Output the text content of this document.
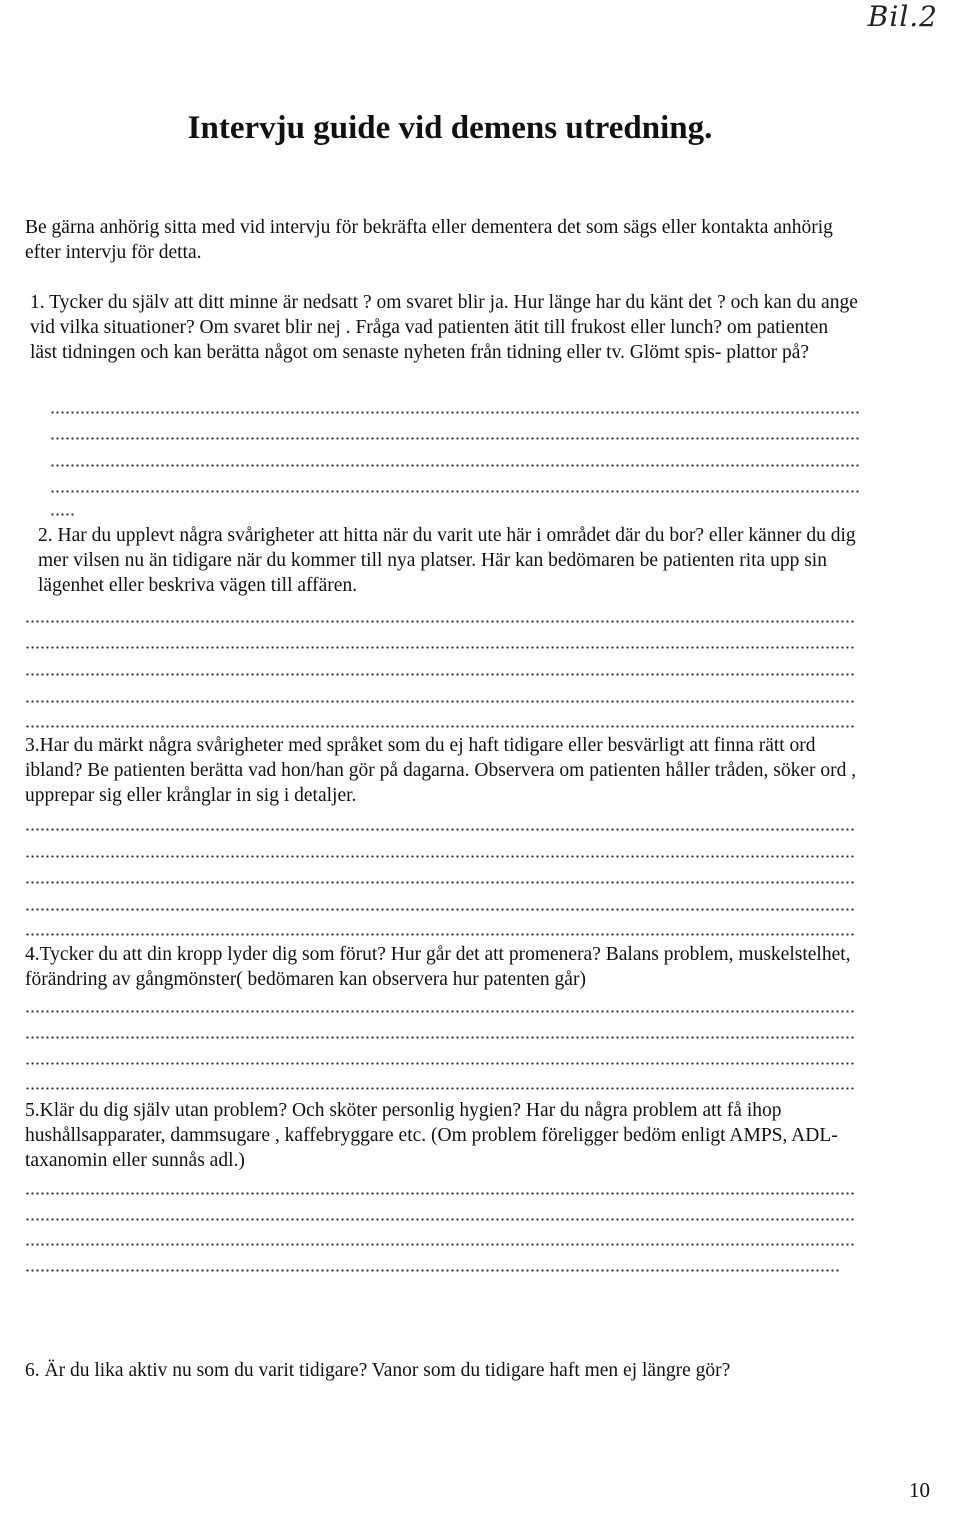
Bil.2
Intervju guide vid demens utredning.

Be gärna anhörig sitta med vid intervju för bekräfta eller dementera det som sägs eller kontakta anhörig efter intervju för detta.

1. Tycker du själv att ditt minne är nedsatt ? om svaret blir ja. Hur länge har du känt det ? och kan du ange vid vilka situationer? Om svaret blir nej . Fråga vad patienten ätit till frukost eller lunch? om patienten läst tidningen och kan berätta något om senaste nyheten från tidning eller tv. Glömt spis- plattor på?

2. Har du upplevt några svårigheter att hitta när du varit ute här i området där du bor? eller känner du dig mer vilsen nu än tidigare när du kommer till nya platser. Här kan bedömaren be patienten rita upp sin lägenhet eller beskriva vägen till affären.

3.Har du märkt några svårigheter med språket som du ej haft tidigare eller besvärligt att finna rätt ord ibland? Be patienten berätta vad hon/han gör på dagarna. Observera om patienten håller tråden, söker ord , upprepar sig eller krånglar in sig i detaljer.

4.Tycker du att din kropp lyder dig som förut? Hur går det att promenera? Balans problem, muskelstelhet, förändring av gångmönster( bedömaren kan observera hur patenten går)

5.Klär du dig själv utan problem? Och sköter personlig hygien? Har du några problem att få ihop hushållsapparater, dammsugare , kaffebryggare etc. (Om problem föreligger bedöm enligt AMPS, ADL-taxanomin eller sunnås adl.)

6. Är du lika aktiv nu som du varit tidigare? Vanor som du tidigare haft men ej längre gör?

10
